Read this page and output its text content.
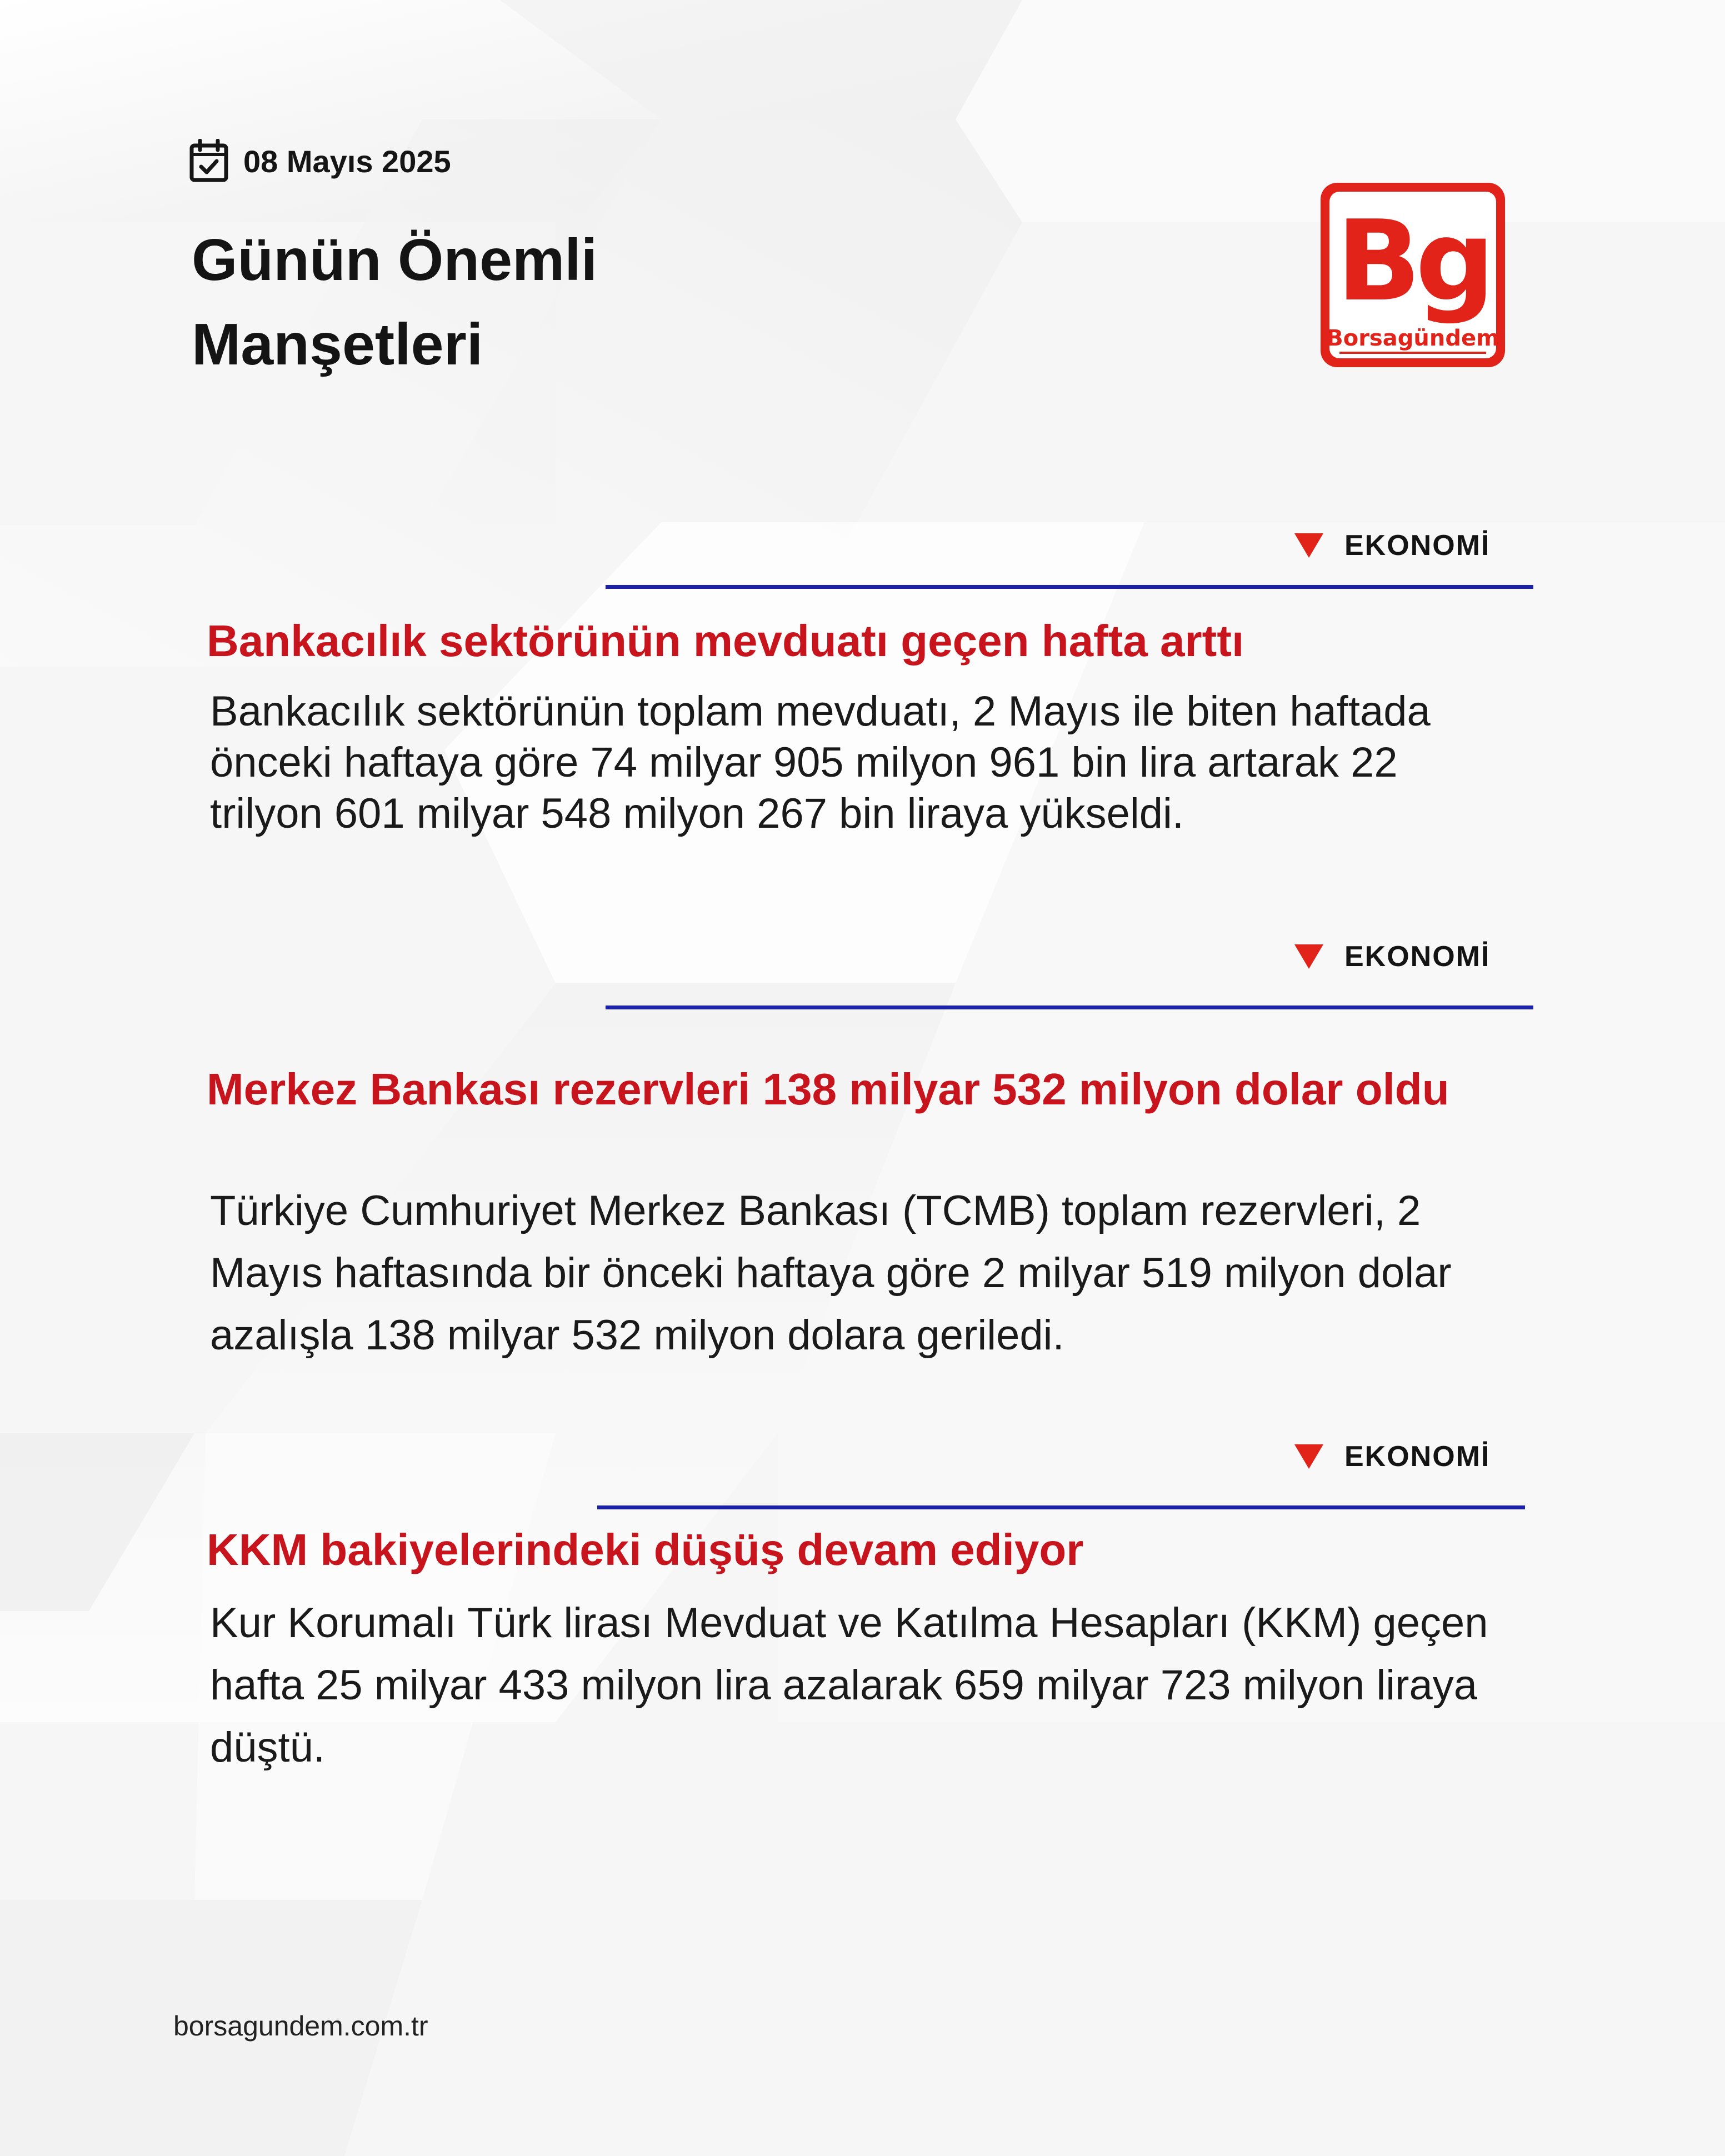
08 Mayıs 2025
Günün Önemli
Manşetleri
Bg
Borsagündem
EKONOMİ
Bankacılık sektörünün mevduatı geçen hafta arttı

Bankacılık sektörünün toplam mevduatı, 2 Mayıs ile biten haftada önceki haftaya göre 74 milyar 905 milyon 961 bin lira artarak 22 trilyon 601 milyar 548 milyon 267 bin liraya yükseldi.

EKONOMİ
Merkez Bankası rezervleri 138 milyar 532 milyon dolar oldu

Türkiye Cumhuriyet Merkez Bankası (TCMB) toplam rezervleri, 2 Mayıs haftasında bir önceki haftaya göre 2 milyar 519 milyon dolar azalışla 138 milyar 532 milyon dolara geriledi.

EKONOMİ
KKM bakiyelerindeki düşüş devam ediyor

Kur Korumalı Türk lirası Mevduat ve Katılma Hesapları (KKM) geçen hafta 25 milyar 433 milyon lira azalarak 659 milyar 723 milyon liraya düştü.

borsagundem.com.tr
